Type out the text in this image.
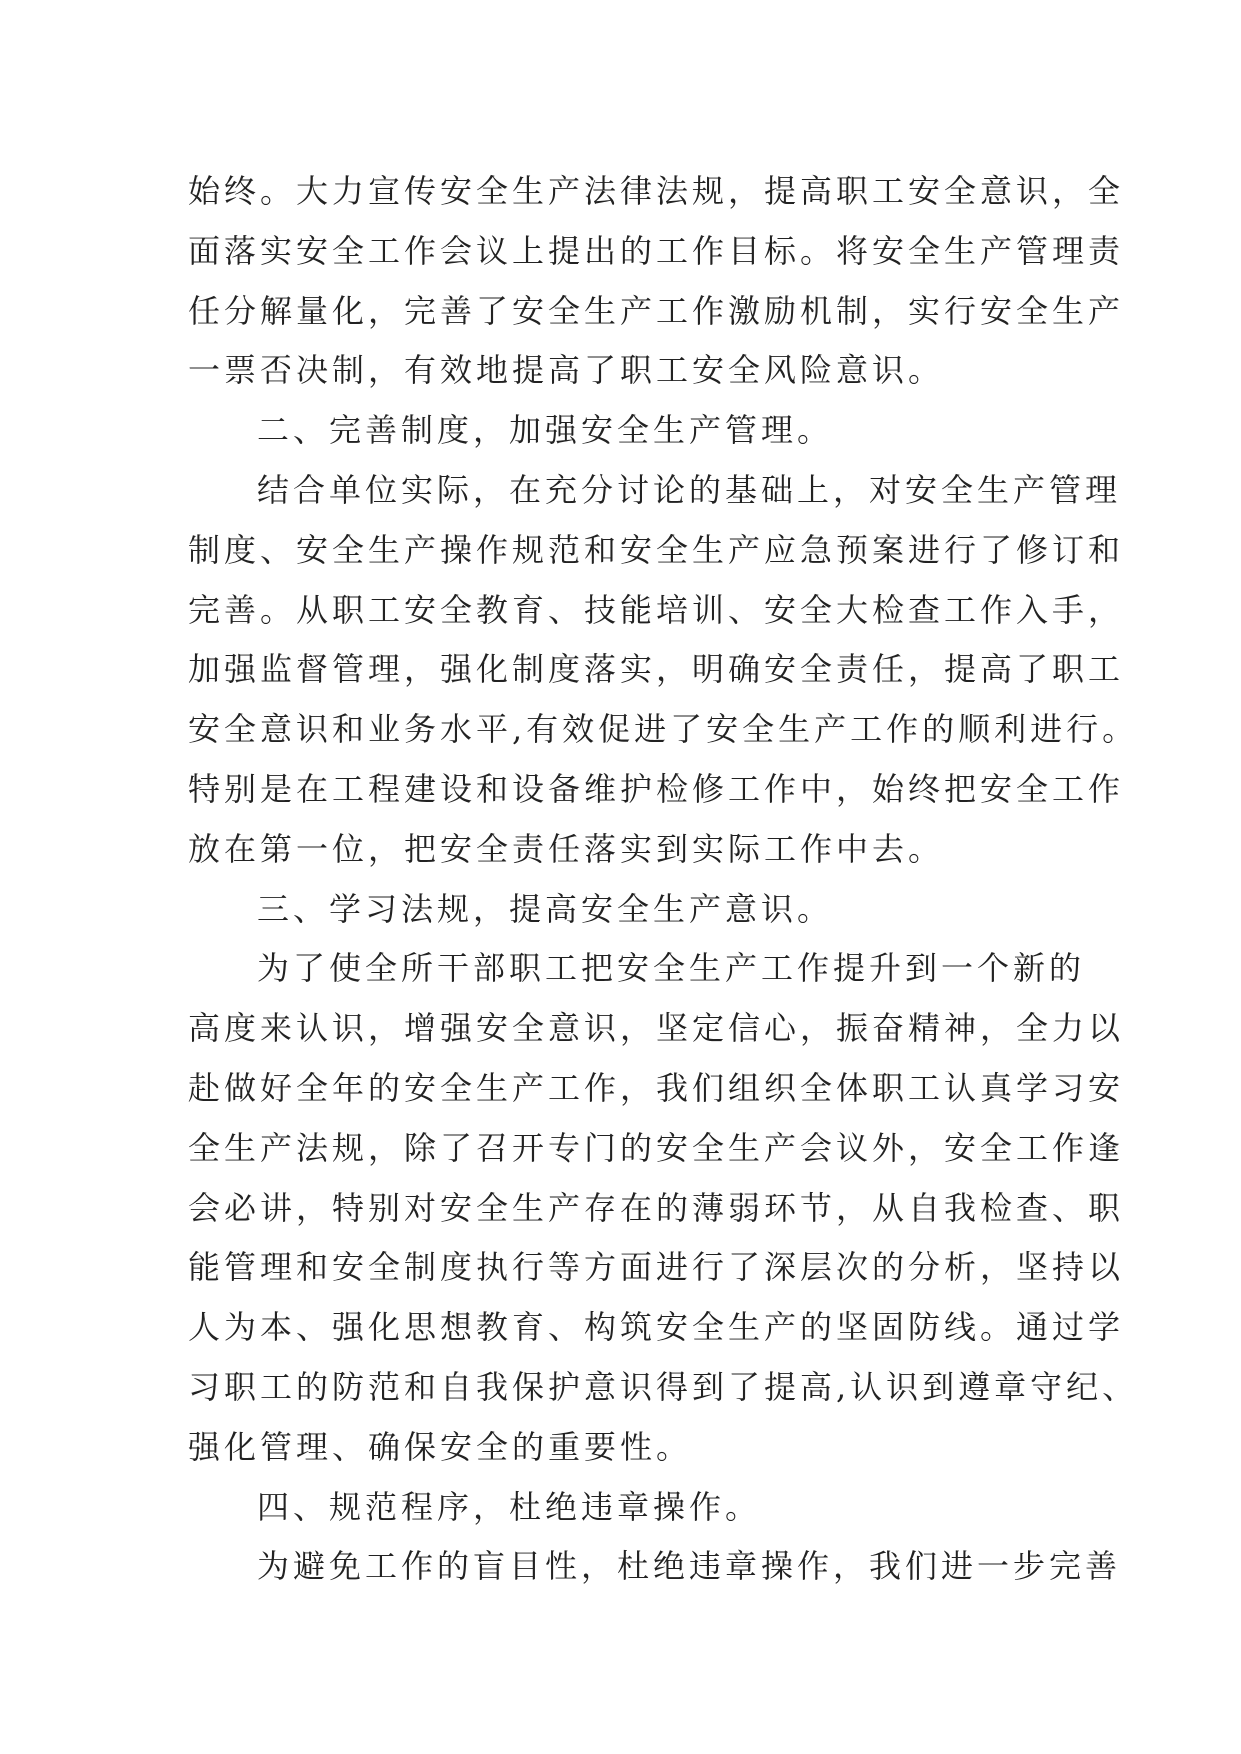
始终。大力宣传安全生产法律法规，提高职工安全意识，全

面落实安全工作会议上提出的工作目标。将安全生产管理责

任分解量化，完善了安全生产工作激励机制，实行安全生产

一票否决制，有效地提高了职工安全风险意识。

二、完善制度，加强安全生产管理。

结合单位实际，在充分讨论的基础上，对安全生产管理

制度、安全生产操作规范和安全生产应急预案进行了修订和

完善。从职工安全教育、技能培训、安全大检查工作入手，

加强监督管理，强化制度落实，明确安全责任，提高了职工

安全意识和业务水平,有效促进了安全生产工作的顺利进行。

特别是在工程建设和设备维护检修工作中，始终把安全工作

放在第一位，把安全责任落实到实际工作中去。

三、学习法规，提高安全生产意识。

为了使全所干部职工把安全生产工作提升到一个新的

高度来认识，增强安全意识，坚定信心，振奋精神，全力以

赴做好全年的安全生产工作，我们组织全体职工认真学习安

全生产法规，除了召开专门的安全生产会议外，安全工作逢

会必讲，特别对安全生产存在的薄弱环节，从自我检查、职

能管理和安全制度执行等方面进行了深层次的分析，坚持以

人为本、强化思想教育、构筑安全生产的坚固防线。通过学

习职工的防范和自我保护意识得到了提高,认识到遵章守纪、

强化管理、确保安全的重要性。

四、规范程序，杜绝违章操作。

为避免工作的盲目性，杜绝违章操作，我们进一步完善
